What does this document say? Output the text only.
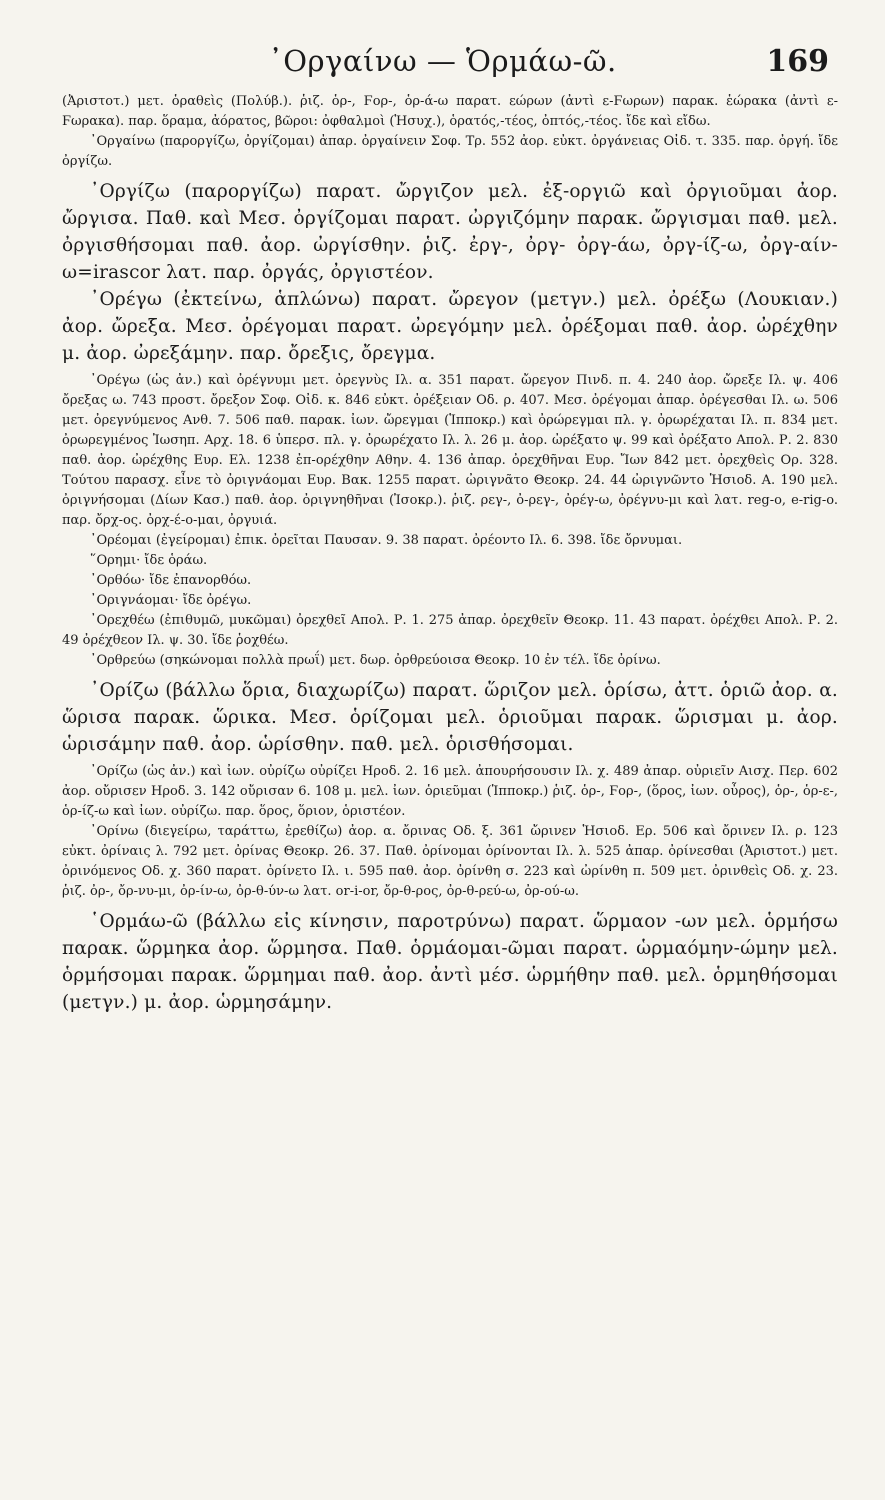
᾿Οργαίνω — Ὁρμάω-ῶ.	169

(Ἀριστοτ.) μετ. ὁραθεὶς (Πολύβ.). ῥιζ. ὁρ-, Ϝορ-, ὁρ-ά-ω παρατ. εώρων (ἀντὶ ε-Ϝωρων) παρακ. ἑώρακα (ἀντὶ ε-Ϝωρακα). παρ. ὅραμα, ἀόρατος, βῶροι: ὀφθαλμοὶ (Ἡσυχ.), ὁρατός,-τέος, ὀπτός,-τέος. ἴδε καὶ εἴδω.

᾿Οργαίνω (παροργίζω, ὀργίζομαι) ἀπαρ. ὀργαίνειν Σοφ. Τρ. 552 ἀορ. εὐκτ. ὀργάνειας Οἰδ. τ. 335. παρ. ὀργή. ἴδε ὀργίζω.

᾿Οργίζω (παροργίζω) παρατ. ὤργιζον μελ. ἐξ-οργιῶ καὶ ὀργιοῦμαι ἀορ. ὤργισα. Παθ. καὶ Μεσ. ὀργίζομαι παρατ. ὠργιζόμην παρακ. ὤργισμαι παθ. μελ. ὀργισθήσομαι παθ. ἀορ. ὠργίσθην. ῥιζ. ἐργ-, ὀργ- ὀργ-άω, ὀργ-ίζ-ω, ὀργ-αίν-ω=irascor λατ. παρ. ὀργάς, ὀργιστέον.

᾿Ορέγω (ἐκτείνω, ἁπλώνω) παρατ. ὤρεγον (μετγν.) μελ. ὀρέξω (Λουκιαν.) ἀορ. ὤρεξα. Μεσ. ὀρέγομαι παρατ. ὠρεγόμην μελ. ὀρέξομαι παθ. ἀορ. ὠρέχθην μ. ἀορ. ὠρεξάμην. παρ. ὄρεξις, ὄρεγμα.

᾿Ορέγω (ὡς ἀν.) καὶ ὀρέγνυμι μετ. ὀρεγνὺς Ιλ. α. 351 παρατ. ὤρεγον Πινδ. π. 4. 240 ἀορ. ὤρεξε Ιλ. ψ. 406 ὄρεξας ω. 743 προστ. ὄρεξον Σοφ. Οἰδ. κ. 846 εὐκτ. ὀρέξειαν Οδ. ρ. 407. Μεσ. ὀρέγομαι ἀπαρ. ὀρέγεσθαι Ιλ. ω. 506 μετ. ὀρεγνύμενος Ανθ. 7. 506 παθ. παρακ. ἰων. ὤρεγμαι (Ἱπποκρ.) καὶ ὀρώρεγμαι πλ. γ. ὀρωρέχαται Ιλ. π. 834 μετ. ὀρωρεγμένος Ἰωσηπ. Αρχ. 18. 6 ὑπερσ. πλ. γ. ὀρωρέχατο Ιλ. λ. 26 μ. ἀορ. ὠρέξατο ψ. 99 καὶ ὀρέξατο Απολ. Ρ. 2. 830 παθ. ἀορ. ὠρέχθης Ευρ. Ελ. 1238 ἐπ-ορέχθην Αθην. 4. 136 ἀπαρ. ὀρεχθῆναι Ευρ. Ἴων 842 μετ. ὀρεχθεὶς Ορ. 328. Τούτου παρασχ. εἶνε τὸ ὀριγνάομαι Ευρ. Βακ. 1255 παρατ. ὠριγνᾶτο Θεοκρ. 24. 44 ὠριγνῶντο Ἡσιοδ. Α. 190 μελ. ὀριγνήσομαι (Δίων Κασ.) παθ. ἀορ. ὀριγνηθῆναι (Ἰσοκρ.). ῥιζ. ρεγ-, ὀ-ρεγ-, ὀρέγ-ω, ὀρέγνυ-μι καὶ λατ. reg-o, e-rig-o. παρ. ὄρχ-ος. ὀρχ-έ-ο-μαι, ὀργυιά.

᾿Ορέομαι (ἐγείρομαι) ἐπικ. ὀρεῖται Παυσαν. 9. 38 παρατ. ὀρέοντο Ιλ. 6. 398. ἴδε ὄρνυμαι.

῞Ορημι· ἴδε ὁράω.

᾿Ορθόω· ἴδε ἐπανορθόω.

᾿Οριγνάομαι· ἴδε ὀρέγω.

᾿Ορεχθέω (ἐπιθυμῶ, μυκῶμαι) ὀρεχθεῖ Απολ. Ρ. 1. 275 ἀπαρ. ὀρεχθεῖν Θεοκρ. 11. 43 παρατ. ὀρέχθει Απολ. Ρ. 2. 49 ὀρέχθεον Ιλ. ψ. 30. ἴδε ῥοχθέω.

᾿Ορθρεύω (σηκώνομαι πολλὰ πρωΐ) μετ. δωρ. ὀρθρεύοισα Θεοκρ. 10 ἐν τέλ. ἴδε ὀρίνω.

᾿Ορίζω (βάλλω ὅρια, διαχωρίζω) παρατ. ὥριζον μελ. ὁρίσω, ἀττ. ὁριῶ ἀορ. α. ὥρισα παρακ. ὥρικα. Μεσ. ὁρίζομαι μελ. ὁριοῦμαι παρακ. ὥρισμαι μ. ἀορ. ὡρισάμην παθ. ἀορ. ὡρίσθην. παθ. μελ. ὁρισθήσομαι.

᾿Ορίζω (ὡς ἀν.) καὶ ἰων. οὐρίζω οὐρίζει Ηροδ. 2. 16 μελ. ἀπουρήσουσιν Ιλ. χ. 489 ἀπαρ. οὐριεῖν Αισχ. Περ. 602 ἀορ. οὔρισεν Ηροδ. 3. 142 οὔρισαν 6. 108 μ. μελ. ἰων. ὁριεῦμαι (Ἱπποκρ.) ῥιζ. ὁρ-, Ϝορ-, (ὅρος, ἰων. οὖρος), ὁρ-, ὁρ-ε-, ὁρ-ίζ-ω καὶ ἰων. οὐρίζω. παρ. ὅρος, ὅριον, ὁριστέον.

᾿Ορίνω (διεγείρω, ταράττω, ἐρεθίζω) ἀορ. α. ὄρινας Οδ. ξ. 361 ὤρινεν Ἡσιοδ. Ερ. 506 καὶ ὄρινεν Ιλ. ρ. 123 εὐκτ. ὀρίναις λ. 792 μετ. ὀρίνας Θεοκρ. 26. 37. Παθ. ὀρίνομαι ὀρίνονται Ιλ. λ. 525 ἀπαρ. ὀρίνεσθαι (Ἀριστοτ.) μετ. ὀρινόμενος Οδ. χ. 360 παρατ. ὀρίνετο Ιλ. ι. 595 παθ. ἀορ. ὀρίνθη σ. 223 καὶ ὠρίνθη π. 509 μετ. ὀρινθεὶς Οδ. χ. 23. ῥιζ. ὀρ-, ὄρ-νυ-μι, ὀρ-ίν-ω, ὀρ-θ-ύν-ω λατ. or-i-or, ὄρ-θ-ρος, ὀρ-θ-ρεύ-ω, ὀρ-ού-ω.

῾Ορμάω-ῶ (βάλλω εἰς κίνησιν, παροτρύνω) παρατ. ὥρμαον -ων μελ. ὁρμήσω παρακ. ὥρμηκα ἀορ. ὥρμησα. Παθ. ὁρμάομαι-ῶμαι παρατ. ὡρμαόμην-ώμην μελ. ὁρμήσομαι παρακ. ὥρμημαι παθ. ἀορ. ἀντὶ μέσ. ὡρμήθην παθ. μελ. ὁρμηθήσομαι (μετγν.) μ. ἀορ. ὡρμησάμην.
